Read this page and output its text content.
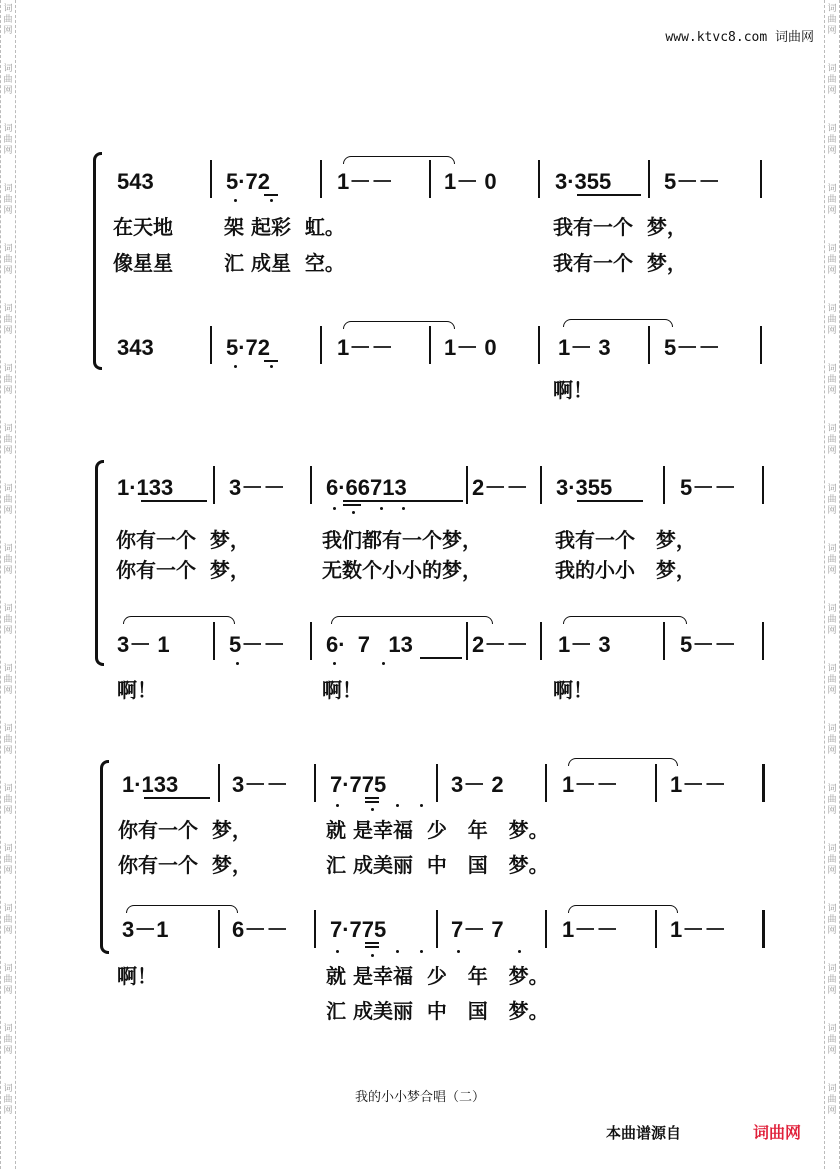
词
曲
网
词
曲
网
词
曲
网
词
曲
网
词
曲
网
词
曲
网
词
曲
网
词
曲
网
词
曲
网
词
曲
网
词
曲
网
词
曲
网
词
曲
网
词
曲
网
词
曲
网
词
曲
网
词
曲
网
词
曲
网
词
曲
网
词
曲
网
词
曲
网
词
曲
网
词
曲
网
词
曲
网
词
曲
网
词
曲
网
词
曲
网
词
曲
网
词
曲
网
词
曲
网
词
曲
网
词
曲
网
词
曲
网
词
曲
网
词
曲
网
词
曲
网
词
曲
网
词
曲
网
www.ktvc8.com 词曲网
543	5·72	1－－ 1－ 0	3·355 5－－
在天地	架 起彩  虹。	我有一个  梦，
像星星	汇 成星  空。	我有一个  梦，
343	5·72	1－－ 1－ 0	1－ 3 5－－
啊！
1·133	3－－ 6·66713	2－－ 3·355	5－－
你有一个  梦，	我们都有一个梦，	我有一个   梦，
你有一个  梦，	无数个小小的梦，	我的小小   梦，
3－ 1	5－－ 6·  7   13	2－－ 1－ 3	5－－
啊！	啊！	啊！
1·133 3－－ 7·775	3－ 2	1－－ 1－－
你有一个  梦，	就 是幸福  少   年   梦。
你有一个  梦，	汇 成美丽  中   国   梦。
3－1	6－－ 7·775	7－ 7	1－－ 1－－
啊！	就 是幸福  少   年   梦。
汇 成美丽  中   国   梦。
我的小小梦合唱（二）
本曲谱源自	词曲网
